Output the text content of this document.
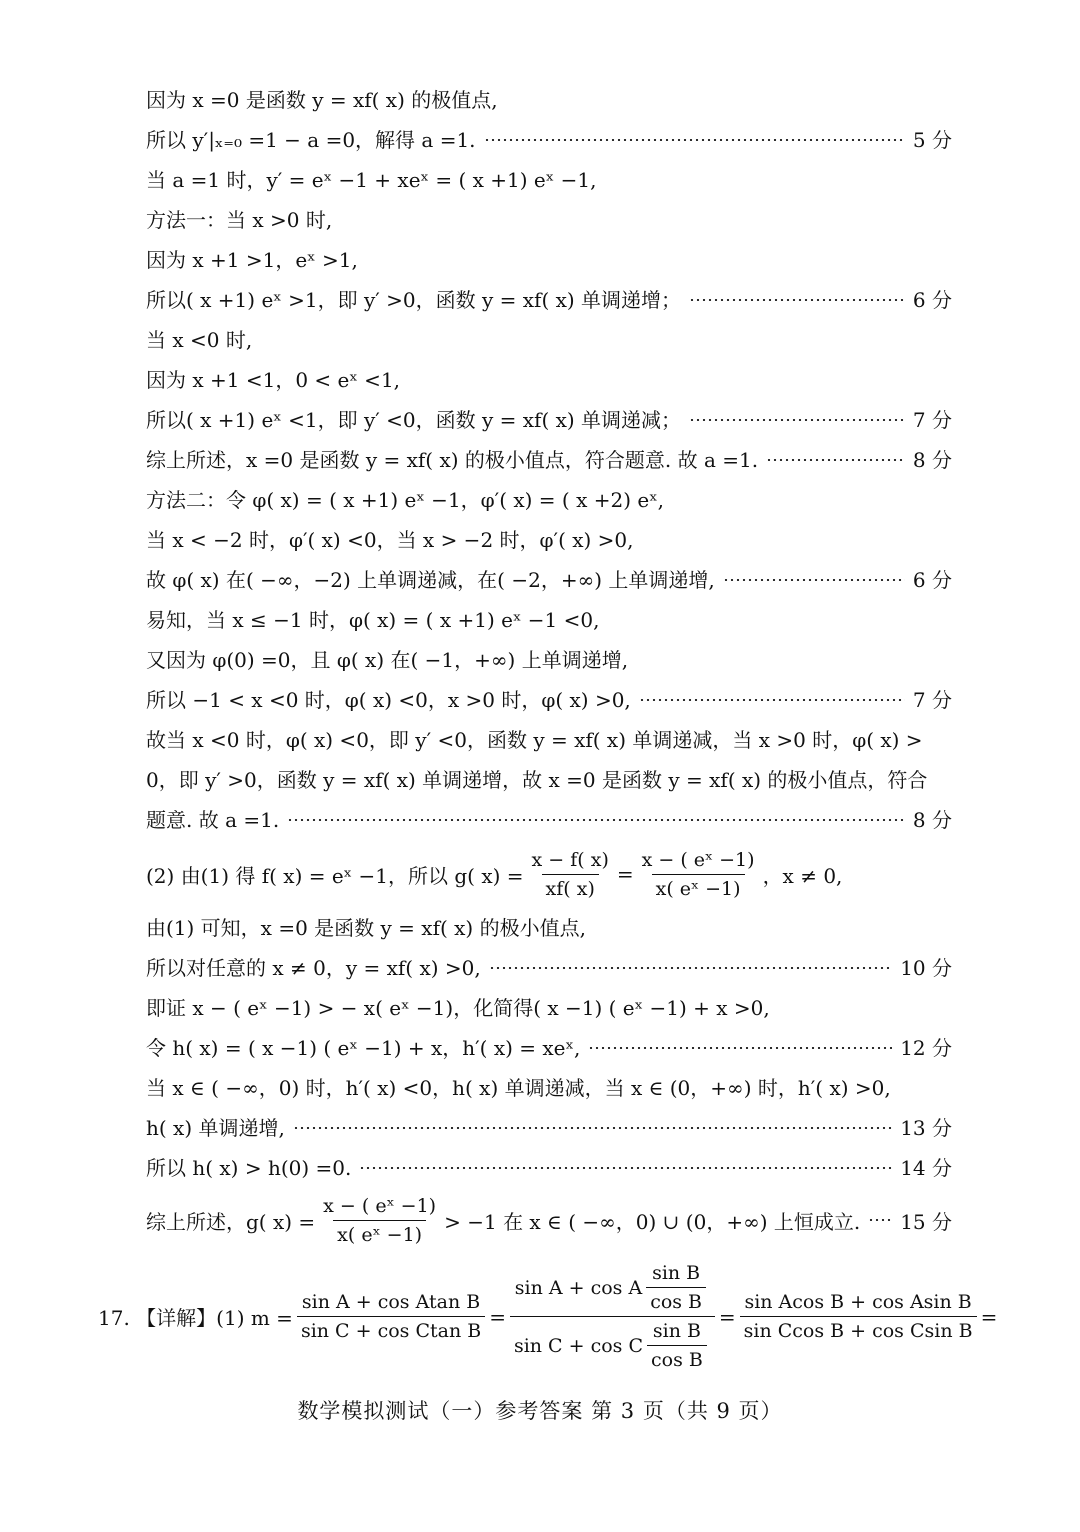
因为 x =0 是函数 y = xf( x) 的极值点,
所以 y′|ₓ₌₀ =1 − a =0，解得 a =1.	5 分
当 a =1 时，y′ = eˣ −1 + xeˣ = ( x +1) eˣ −1,
方法一：当 x >0 时,
因为 x +1 >1，eˣ >1,
所以( x +1) eˣ >1，即 y′ >0，函数 y = xf( x) 单调递增；	6 分
当 x <0 时,
因为 x +1 <1，0 < eˣ <1,
所以( x +1) eˣ <1，即 y′ <0，函数 y = xf( x) 单调递减；	7 分
综上所述，x =0 是函数 y = xf( x) 的极小值点，符合题意. 故 a =1.	8 分
方法二：令 φ( x) = ( x +1) eˣ −1，φ′( x) = ( x +2) eˣ,
当 x < −2 时，φ′( x) <0，当 x > −2 时，φ′( x) >0,
故 φ( x) 在( −∞，−2) 上单调递减，在( −2，+∞) 上单调递增,	6 分
易知，当 x ≤ −1 时，φ( x) = ( x +1) eˣ −1 <0,
又因为 φ(0) =0，且 φ( x) 在( −1，+∞) 上单调递增,
所以 −1 < x <0 时，φ( x) <0，x >0 时，φ( x) >0,	7 分
故当 x <0 时，φ( x) <0，即 y′ <0，函数 y = xf( x) 单调递减，当 x >0 时，φ( x) >
0，即 y′ >0，函数 y = xf( x) 单调递增，故 x =0 是函数 y = xf( x) 的极小值点，符合
题意. 故 a =1.	8 分
(2) 由(1) 得 f( x) = eˣ −1，所以 g( $x) = \frac{x - f( x)}{xf( x)} = \frac{\text{x − ( eˣ −1)}}{\text{x( eˣ −1)}}$ ，x ≠ 0,
由(1) 可知，x =0 是函数 y = xf( x) 的极小值点,
所以对任意的 x ≠ 0，y = xf( x) >0,	10 分
即证 x − ( eˣ −1) > − x( eˣ −1)，化简得( x −1) ( eˣ −1) + x >0,
令 h( x) = ( x −1) ( eˣ −1) + x，h′( x) = xeˣ,	12 分
当 x ∈ ( −∞，0) 时，h′( x) <0，h( x) 单调递减，当 x ∈ (0，+∞) 时，h′( x) >0,
h( x) 单调递增,	13 分
所以 h( x) > h(0) =0.	14 分
综上所述，g( $x) = \frac{\text{x − ( eˣ −1)}}{\text{x( eˣ −1)}} > -1$ 在 x ∈ ( −∞，0) ∪ (0，+∞) 上恒成立. 15 分
17. 【详解】(1) $m = \frac{\text{sin A + cos Atan B}}{\text{sin C + cos Ctan B}} = \frac{\sin A + \cos A \frac{\text{sin B}}{\text{cos B}}}{\sin C + \cos C \frac{\text{sin B}}{\text{cos B}}} = \frac{\text{sin Acos B + cos Asin B}}{\text{sin Ccos B + cos Csin B}}$ =
数学模拟测试（一）参考答案 第 3 页（共 9 页）
